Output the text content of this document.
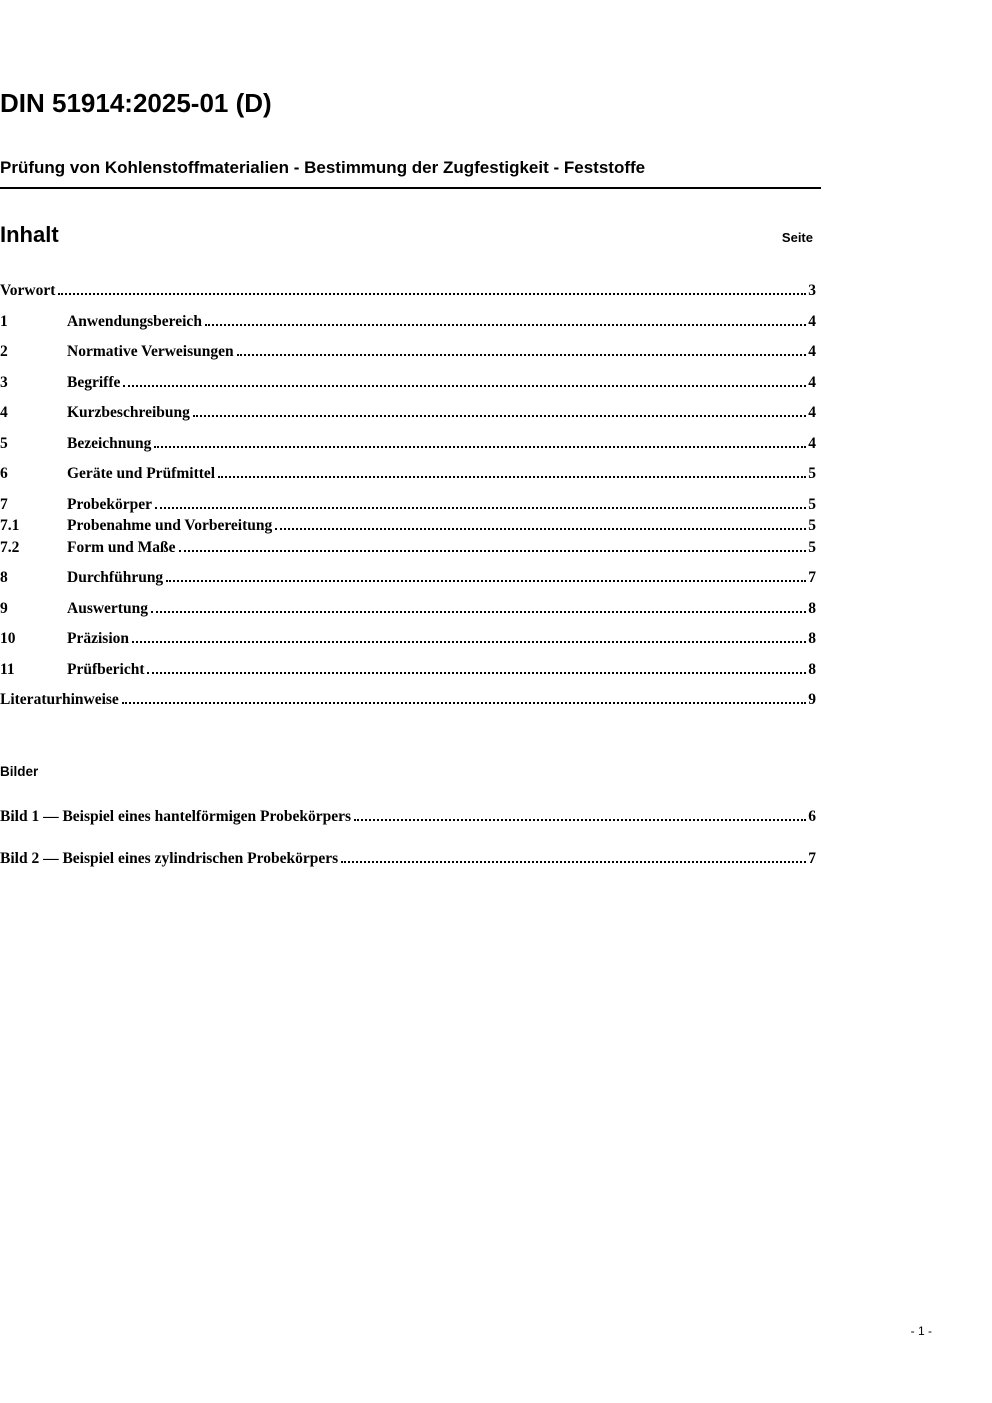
DIN 51914:2025-01 (D)
Prüfung von Kohlenstoffmaterialien - Bestimmung der Zugfestigkeit - Feststoffe
Inhalt	Seite
Vorwort	3
1	Anwendungsbereich	4
2	Normative Verweisungen	4
3	Begriffe	4
4	Kurzbeschreibung	4
5	Bezeichnung	4
6	Geräte und Prüfmittel	5
7	Probekörper	5
7.1	Probenahme und Vorbereitung	5
7.2	Form und Maße	5
8	Durchführung	7
9	Auswertung	8
10	Präzision	8
11	Prüfbericht	8
Literaturhinweise	9
Bilder
Bild 1 — Beispiel eines hantelförmigen Probekörpers	6
Bild 2 — Beispiel eines zylindrischen Probekörpers	7
- 1 -
